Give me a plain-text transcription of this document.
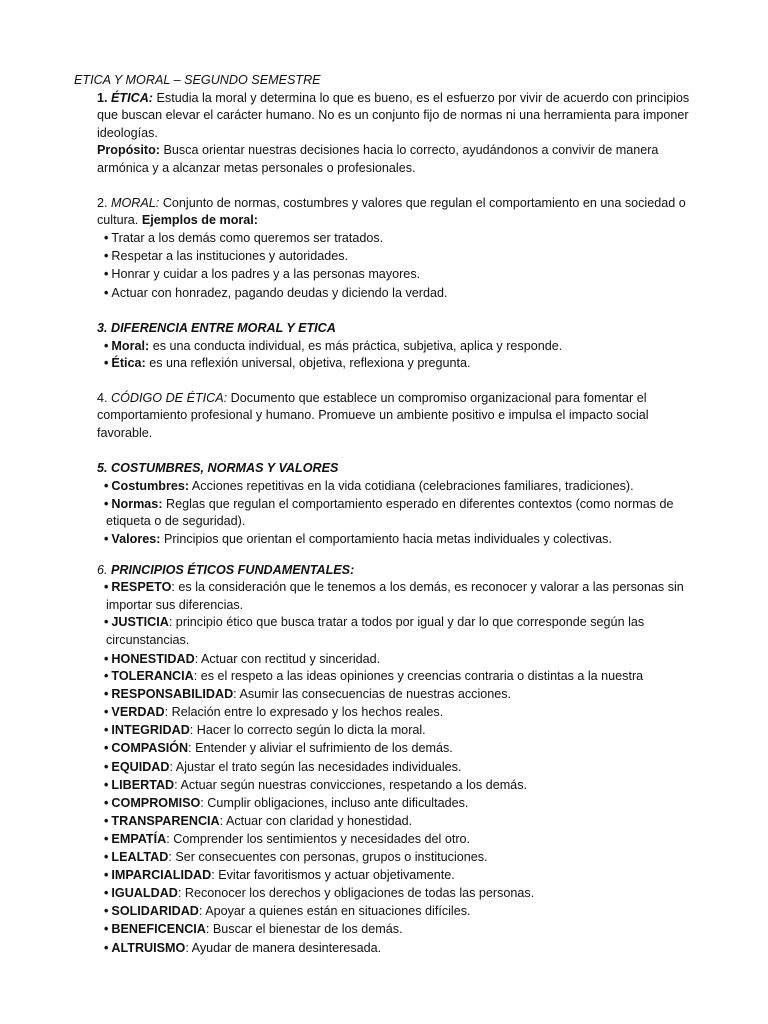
ETICA Y MORAL – SEGUNDO SEMESTRE
1. ÉTICA: Estudia la moral y determina lo que es bueno, es el esfuerzo por vivir de acuerdo con principios
que buscan elevar el carácter humano. No es un conjunto fijo de normas ni una herramienta para imponer
ideologías.
Propósito: Busca orientar nuestras decisiones hacia lo correcto, ayudándonos a convivir de manera
armónica y a alcanzar metas personales o profesionales.
2. MORAL: Conjunto de normas, costumbres y valores que regulan el comportamiento en una sociedad o
cultura. Ejemplos de moral:
• Tratar a los demás como queremos ser tratados.
• Respetar a las instituciones y autoridades.
• Honrar y cuidar a los padres y a las personas mayores.
• Actuar con honradez, pagando deudas y diciendo la verdad.
3. DIFERENCIA ENTRE MORAL Y ETICA
• Moral: es una conducta individual, es más práctica, subjetiva, aplica y responde.
• Ética: es una reflexión universal, objetiva, reflexiona y pregunta.
4. CÓDIGO DE ÉTICA: Documento que establece un compromiso organizacional para fomentar el
comportamiento profesional y humano. Promueve un ambiente positivo e impulsa el impacto social
favorable.
5. COSTUMBRES, NORMAS Y VALORES
• Costumbres: Acciones repetitivas en la vida cotidiana (celebraciones familiares, tradiciones).
• Normas: Reglas que regulan el comportamiento esperado en diferentes contextos (como normas de
etiqueta o de seguridad).
• Valores: Principios que orientan el comportamiento hacia metas individuales y colectivas.
6. PRINCIPIOS ÉTICOS FUNDAMENTALES:
• RESPETO: es la consideración que le tenemos a los demás, es reconocer y valorar a las personas sin
importar sus diferencias.
• JUSTICIA: principio ético que busca tratar a todos por igual y dar lo que corresponde según las
circunstancias.
• HONESTIDAD: Actuar con rectitud y sinceridad.
• TOLERANCIA: es el respeto a las ideas opiniones y creencias contraria o distintas a la nuestra
• RESPONSABILIDAD: Asumir las consecuencias de nuestras acciones.
• VERDAD: Relación entre lo expresado y los hechos reales.
• INTEGRIDAD: Hacer lo correcto según lo dicta la moral.
• COMPASIÓN: Entender y aliviar el sufrimiento de los demás.
• EQUIDAD: Ajustar el trato según las necesidades individuales.
• LIBERTAD: Actuar según nuestras convicciones, respetando a los demás.
• COMPROMISO: Cumplir obligaciones, incluso ante dificultades.
• TRANSPARENCIA: Actuar con claridad y honestidad.
• EMPATÍA: Comprender los sentimientos y necesidades del otro.
• LEALTAD: Ser consecuentes con personas, grupos o instituciones.
• IMPARCIALIDAD: Evitar favoritismos y actuar objetivamente.
• IGUALDAD: Reconocer los derechos y obligaciones de todas las personas.
• SOLIDARIDAD: Apoyar a quienes están en situaciones difíciles.
• BENEFICENCIA: Buscar el bienestar de los demás.
• ALTRUISMO: Ayudar de manera desinteresada.
